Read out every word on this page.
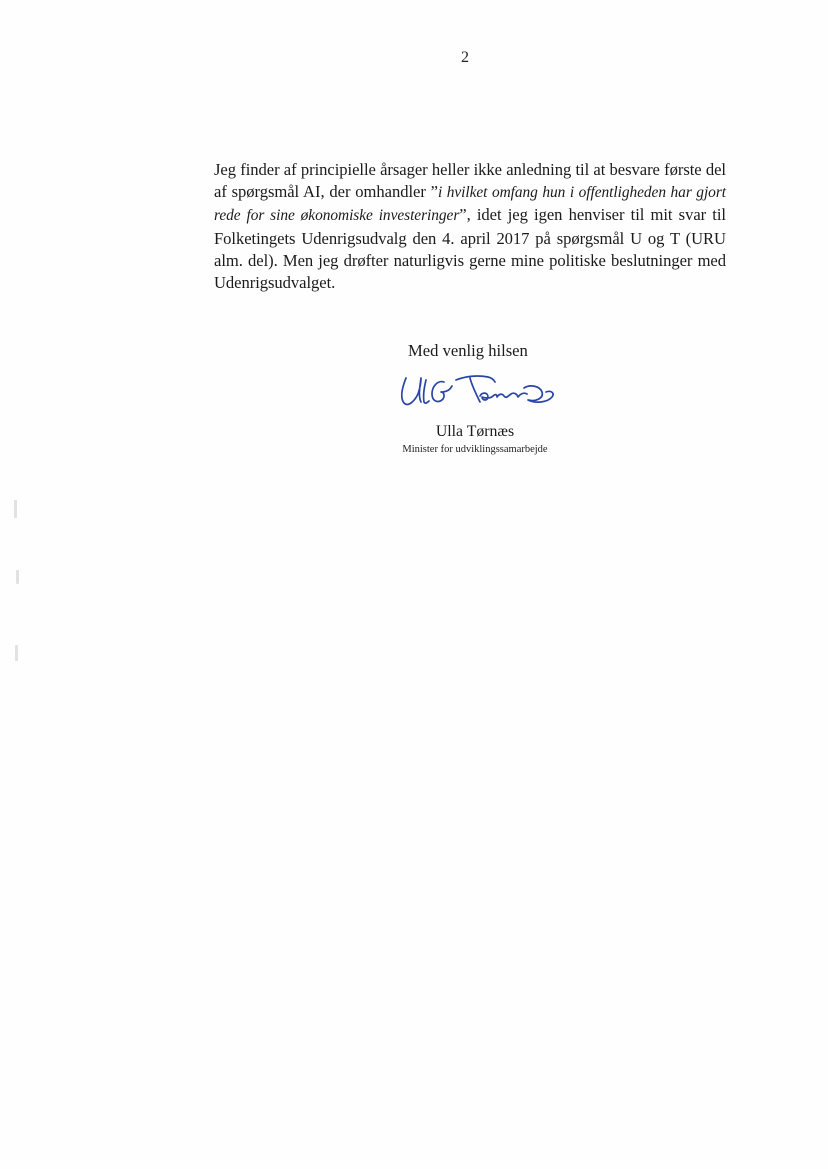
2

Jeg finder af principielle årsager heller ikke anledning til at besvare første del af spørgsmål AI, der omhandler ”i hvilket omfang hun i offentligheden har gjort rede for sine økonomiske investeringer”, idet jeg igen henviser til mit svar til Folketingets Udenrigsudvalg den 4. april 2017 på spørgsmål U og T (URU alm. del). Men jeg drøfter naturligvis gerne mine politiske beslutninger med Udenrigsudvalget.

Med venlig hilsen
Ulla Tørnæs
Minister for udviklingssamarbejde
